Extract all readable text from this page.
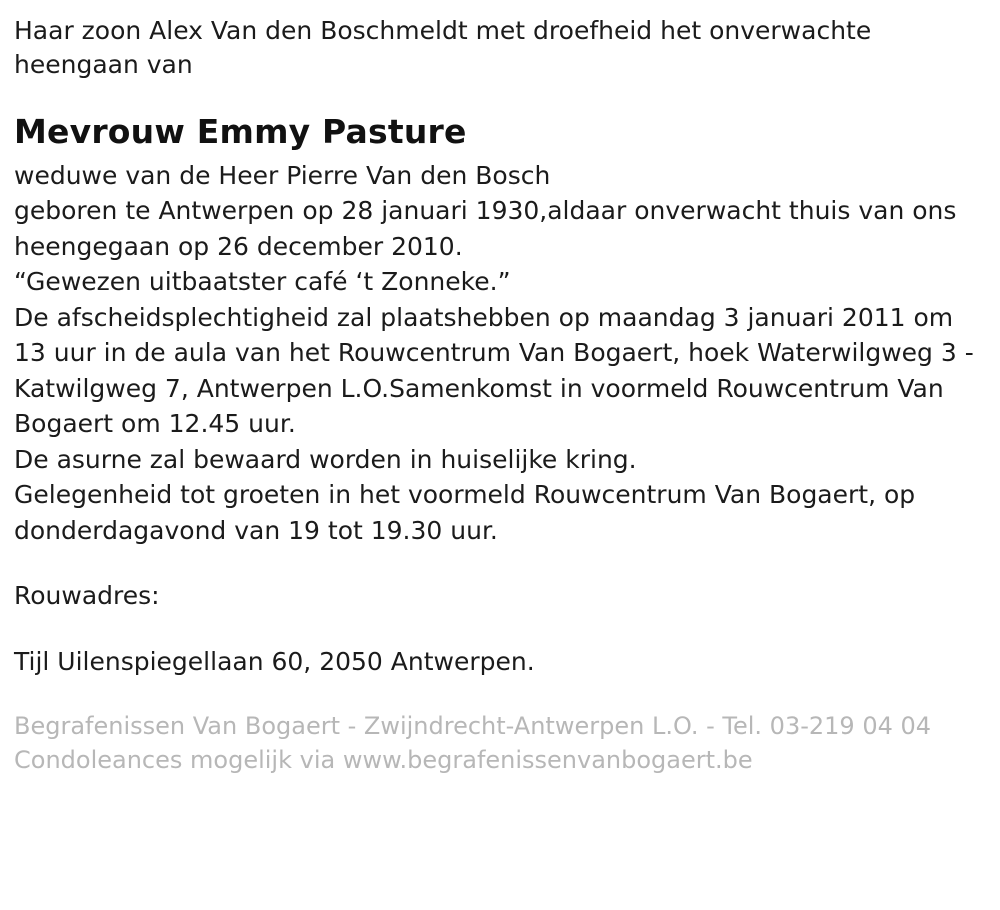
Haar zoon Alex Van den Boschmeldt met droefheid het onverwachte heengaan van
Mevrouw Emmy Pasture
weduwe van de Heer Pierre Van den Bosch
geboren te Antwerpen op 28 januari 1930,aldaar onverwacht thuis van ons heengegaan op 26 december 2010.
“Gewezen uitbaatster café ‘t Zonneke.”
De afscheidsplechtigheid zal plaatshebben op maandag 3 januari 2011 om 13 uur in de aula van het Rouwcentrum Van Bogaert, hoek Waterwilgweg 3 - Katwilgweg 7, Antwerpen L.O.Samenkomst in voormeld Rouwcentrum Van Bogaert om 12.45 uur.
De asurne zal bewaard worden in huiselijke kring.
Gelegenheid tot groeten in het voormeld Rouwcentrum Van Bogaert, op donderdagavond van 19 tot 19.30 uur.
Rouwadres:
Tijl Uilenspiegellaan 60, 2050 Antwerpen.
Begrafenissen Van Bogaert - Zwijndrecht-Antwerpen L.O. - Tel. 03-219 04 04 Condoleances mogelijk via www.begrafenissenvanbogaert.be
